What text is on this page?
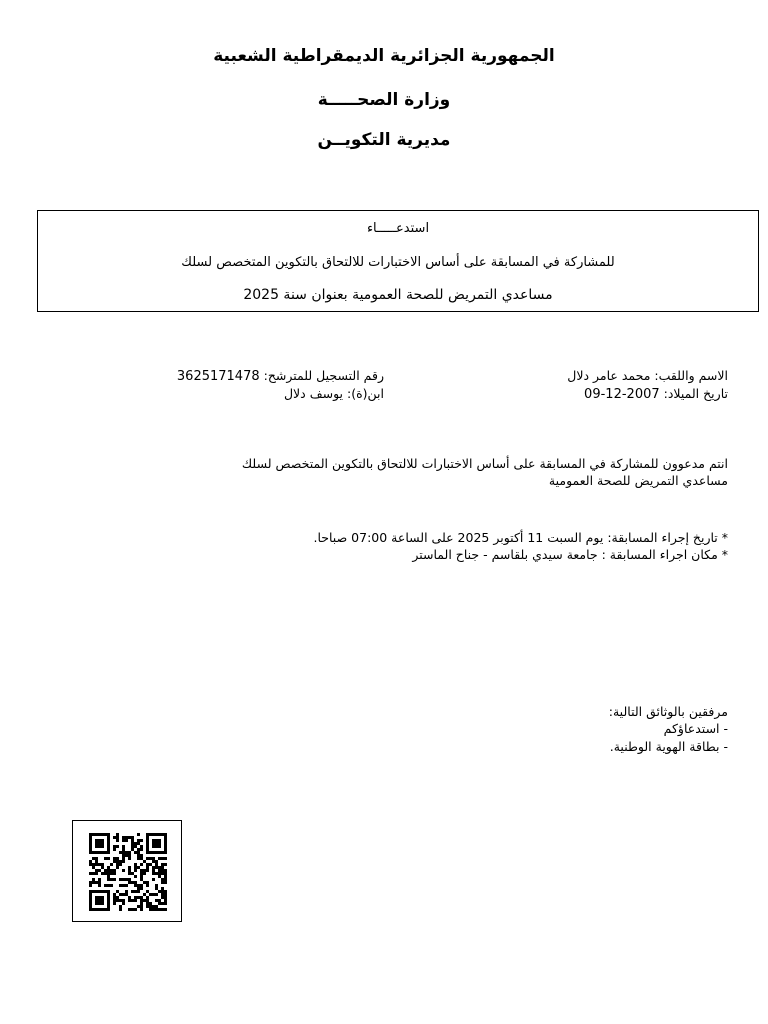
الجمهورية الجزائرية الديمقراطية الشعبية
وزارة الصحـــــة
مديرية التكويــن
استدعـــــاء
للمشاركة في المسابقة على أساس الاختبارات للالتحاق بالتكوين المتخصص لسلك
مساعدي التمريض للصحة العمومية بعنوان سنة 2025
الاسم واللقب: محمد عامر دلال
تاريخ الميلاد: 2007-12-09
رقم التسجيل للمترشح: 3625171478
ابن(ة): يوسف دلال
انتم مدعوون للمشاركة في المسابقة على أساس الاختبارات للالتحاق بالتكوين المتخصص لسلك
مساعدي التمريض للصحة العمومية
* تاريخ إجراء المسابقة: يوم السبت 11 أكتوبر 2025 على الساعة 07:00 صباحا.
* مكان اجراء المسابقة : جامعة سيدي بلقاسم - جناح الماستر
مرفقين بالوثائق التالية:
- استدعاؤكم
- بطاقة الهوية الوطنية.
